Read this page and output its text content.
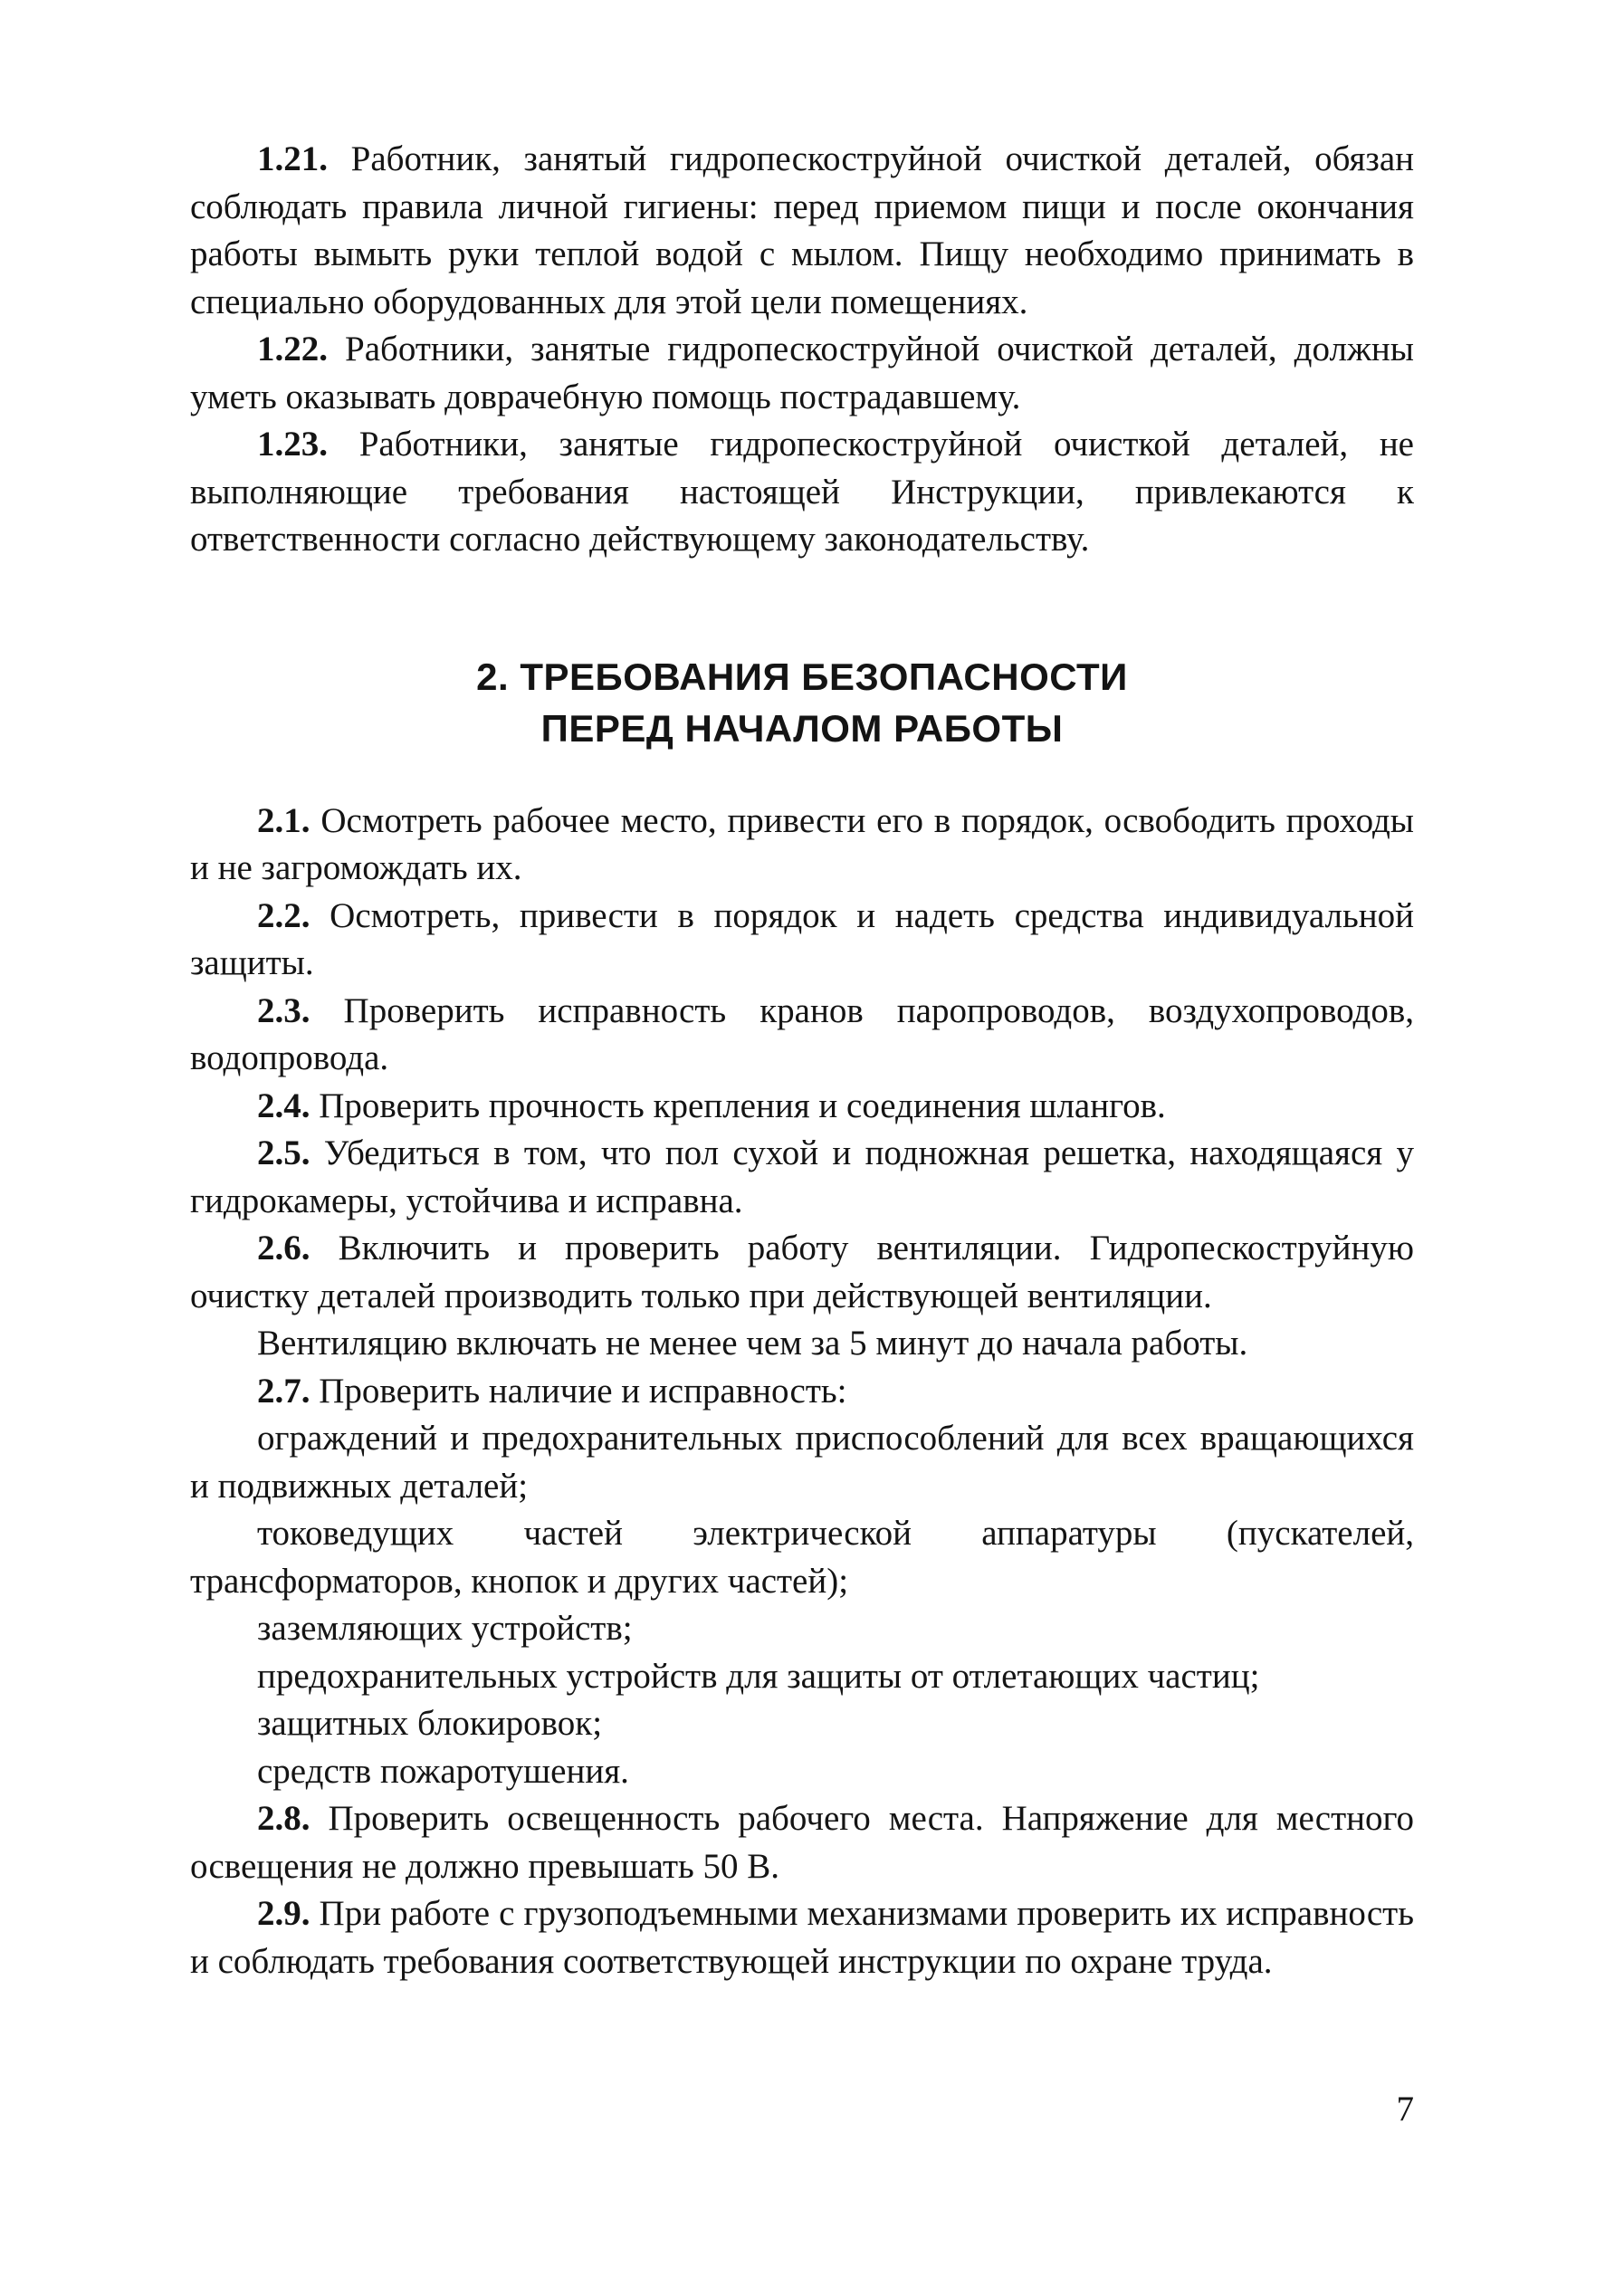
1.21. Работник, занятый гидропескоструйной очисткой деталей, обязан соблюдать правила личной гигиены: перед приемом пищи и после окончания работы вымыть руки теплой водой с мылом. Пищу необходимо принимать в специально оборудованных для этой цели помещениях.

1.22. Работники, занятые гидропескоструйной очисткой деталей, должны уметь оказывать доврачебную помощь пострадавшему.

1.23. Работники, занятые гидропескоструйной очисткой деталей, не выполняющие требования настоящей Инструкции, привлекаются к ответственности согласно действующему законодательству.

2. ТРЕБОВАНИЯ БЕЗОПАСНОСТИ
ПЕРЕД НАЧАЛОМ РАБОТЫ

2.1. Осмотреть рабочее место, привести его в порядок, освободить проходы и не загромождать их.

2.2. Осмотреть, привести в порядок и надеть средства индивидуальной защиты.

2.3. Проверить исправность кранов паропроводов, воздухопроводов, водопровода.

2.4. Проверить прочность крепления и соединения шлангов.

2.5. Убедиться в том, что пол сухой и подножная решетка, находящаяся у гидрокамеры, устойчива и исправна.

2.6. Включить и проверить работу вентиляции. Гидропескоструйную очистку деталей производить только при действующей вентиляции.

Вентиляцию включать не менее чем за 5 минут до начала работы.

2.7. Проверить наличие и исправность:

ограждений и предохранительных приспособлений для всех вращающихся и подвижных деталей;

токоведущих частей электрической аппаратуры (пускателей, трансформаторов, кнопок и других частей);

заземляющих устройств;

предохранительных устройств для защиты от отлетающих частиц;

защитных блокировок;

средств пожаротушения.

2.8. Проверить освещенность рабочего места. Напряжение для местного освещения не должно превышать 50 В.

2.9. При работе с грузоподъемными механизмами проверить их исправность и соблюдать требования соответствующей инструкции по охране труда.

7
